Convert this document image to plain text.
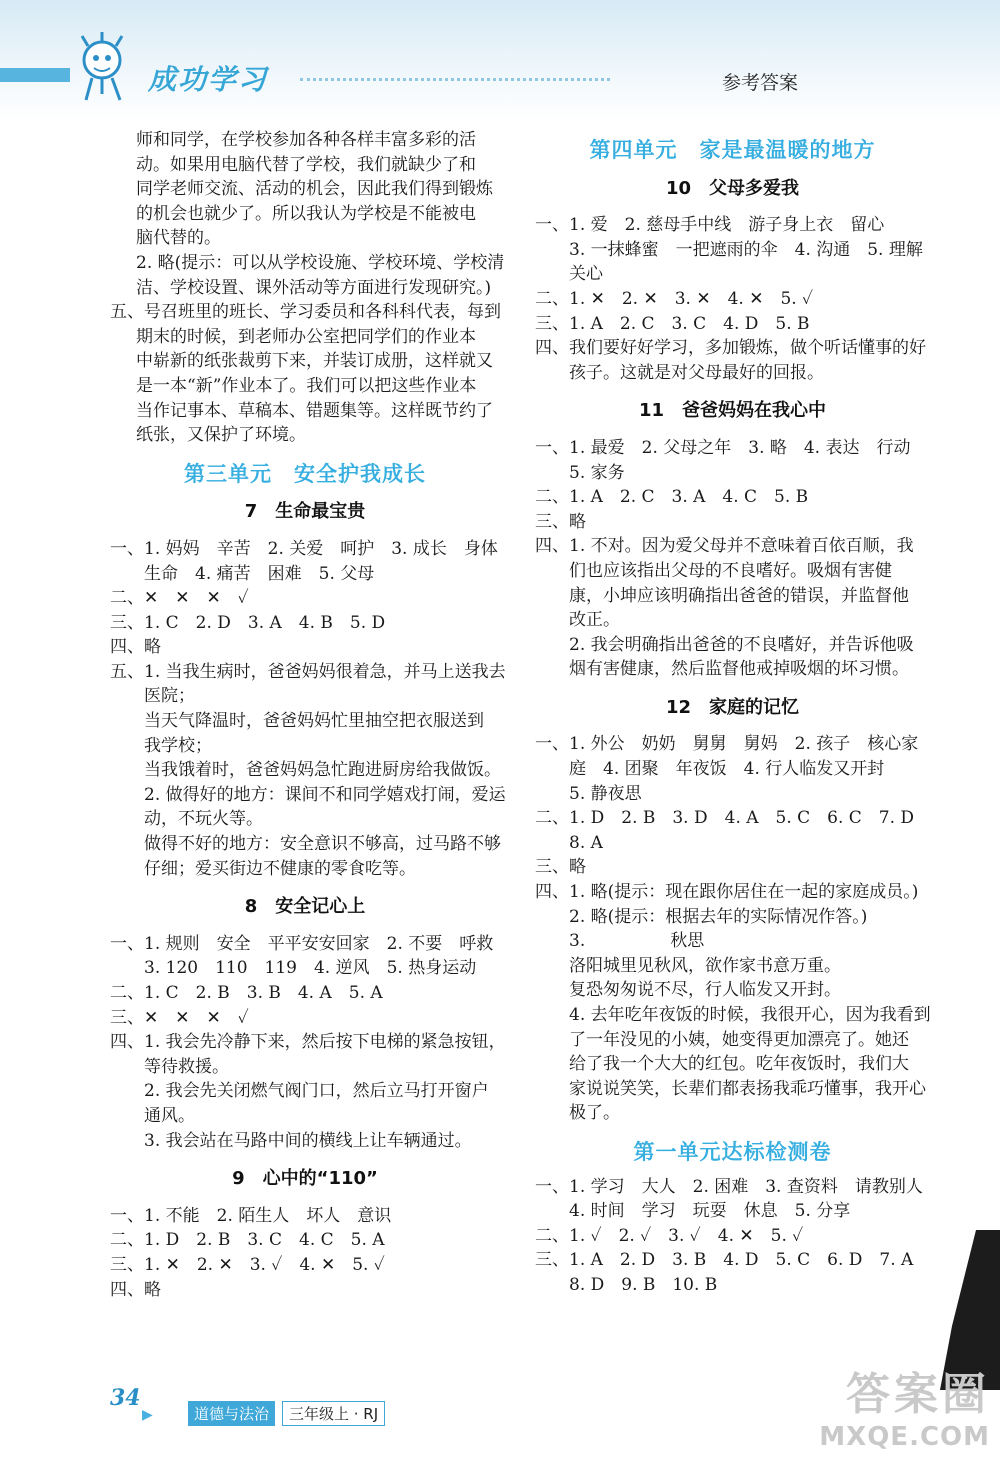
成功学习	参考答案
师和同学，在学校参加各种各样丰富多彩的活
动。如果用电脑代替了学校，我们就缺少了和
同学老师交流、活动的机会，因此我们得到锻炼
的机会也就少了。所以我认为学校是不能被电
脑代替的。
2. 略(提示：可以从学校设施、学校环境、学校清
洁、学校设置、课外活动等方面进行发现研究。)
五、号召班里的班长、学习委员和各科科代表，每到
期末的时候，到老师办公室把同学们的作业本
中崭新的纸张裁剪下来，并装订成册，这样就又
是一本“新”作业本了。我们可以把这些作业本
当作记事本、草稿本、错题集等。这样既节约了
纸张，又保护了环境。
第三单元　安全护我成长
7　生命最宝贵
一、1. 妈妈　辛苦　2. 关爱　呵护　3. 成长　身体
　　生命　4. 痛苦　困难　5. 父母
二、✕　✕　✕　✓
三、1. C　2. D　3. A　4. B　5. D
四、略
五、1. 当我生病时，爸爸妈妈很着急，并马上送我去
　　医院；
　　当天气降温时，爸爸妈妈忙里抽空把衣服送到
　　我学校；
　　当我饿着时，爸爸妈妈急忙跑进厨房给我做饭。
　　2. 做得好的地方：课间不和同学嬉戏打闹，爱运
　　动，不玩火等。
　　做得不好的地方：安全意识不够高，过马路不够
　　仔细；爱买街边不健康的零食吃等。
8　安全记心上
一、1. 规则　安全　平平安安回家　2. 不要　呼救
　　3. 120　110　119　4. 逆风　5. 热身运动
二、1. C　2. B　3. B　4. A　5. A
三、✕　✕　✕　✓
四、1. 我会先冷静下来，然后按下电梯的紧急按钮，
　　等待救援。
　　2. 我会先关闭燃气阀门口，然后立马打开窗户
　　通风。
　　3. 我会站在马路中间的横线上让车辆通过。
9　心中的“110”
一、1. 不能　2. 陌生人　坏人　意识
二、1. D　2. B　3. C　4. C　5. A
三、1. ✕　2. ✕　3. ✓　4. ✕　5. ✓
四、略
第四单元　家是最温暖的地方
10　父母多爱我
一、1. 爱　2. 慈母手中线　游子身上衣　留心
　　3. 一抹蜂蜜　一把遮雨的伞　4. 沟通　5. 理解
　　关心
二、1. ✕　2. ✕　3. ✕　4. ✕　5. ✓
三、1. A　2. C　3. C　4. D　5. B
四、我们要好好学习，多加锻炼，做个听话懂事的好
　　孩子。这就是对父母最好的回报。
11　爸爸妈妈在我心中
一、1. 最爱　2. 父母之年　3. 略　4. 表达　行动
　　5. 家务
二、1. A　2. C　3. A　4. C　5. B
三、略
四、1. 不对。因为爱父母并不意味着百依百顺，我
　　们也应该指出父母的不良嗜好。吸烟有害健
　　康，小坤应该明确指出爸爸的错误，并监督他
　　改正。
　　2. 我会明确指出爸爸的不良嗜好，并告诉他吸
　　烟有害健康，然后监督他戒掉吸烟的坏习惯。
12　家庭的记忆
一、1. 外公　奶奶　舅舅　舅妈　2. 孩子　核心家
　　庭　4. 团聚　年夜饭　4. 行人临发又开封
　　5. 静夜思
二、1. D　2. B　3. D　4. A　5. C　6. C　7. D
　　8. A
三、略
四、1. 略(提示：现在跟你居住在一起的家庭成员。)
　　2. 略(提示：根据去年的实际情况作答。)
　　3.　　　　　秋思
　　洛阳城里见秋风，欲作家书意万重。
　　复恐匆匆说不尽，行人临发又开封。
　　4. 去年吃年夜饭的时候，我很开心，因为我看到
　　了一年没见的小姨，她变得更加漂亮了。她还
　　给了我一个大大的红包。吃年夜饭时，我们大
　　家说说笑笑，长辈们都表扬我乖巧懂事，我开心
　　极了。
第一单元达标检测卷
一、1. 学习　大人　2. 困难　3. 查资料　请教别人
　　4. 时间　学习　玩耍　休息　5. 分享
二、1. ✓　2. ✓　3. ✓　4. ✕　5. ✓
三、1. A　2. D　3. B　4. D　5. C　6. D　7. A
　　8. D　9. B　10. B
34
▶	道德与法治	三年级上 · RJ	答案圈
MXQE.COM
